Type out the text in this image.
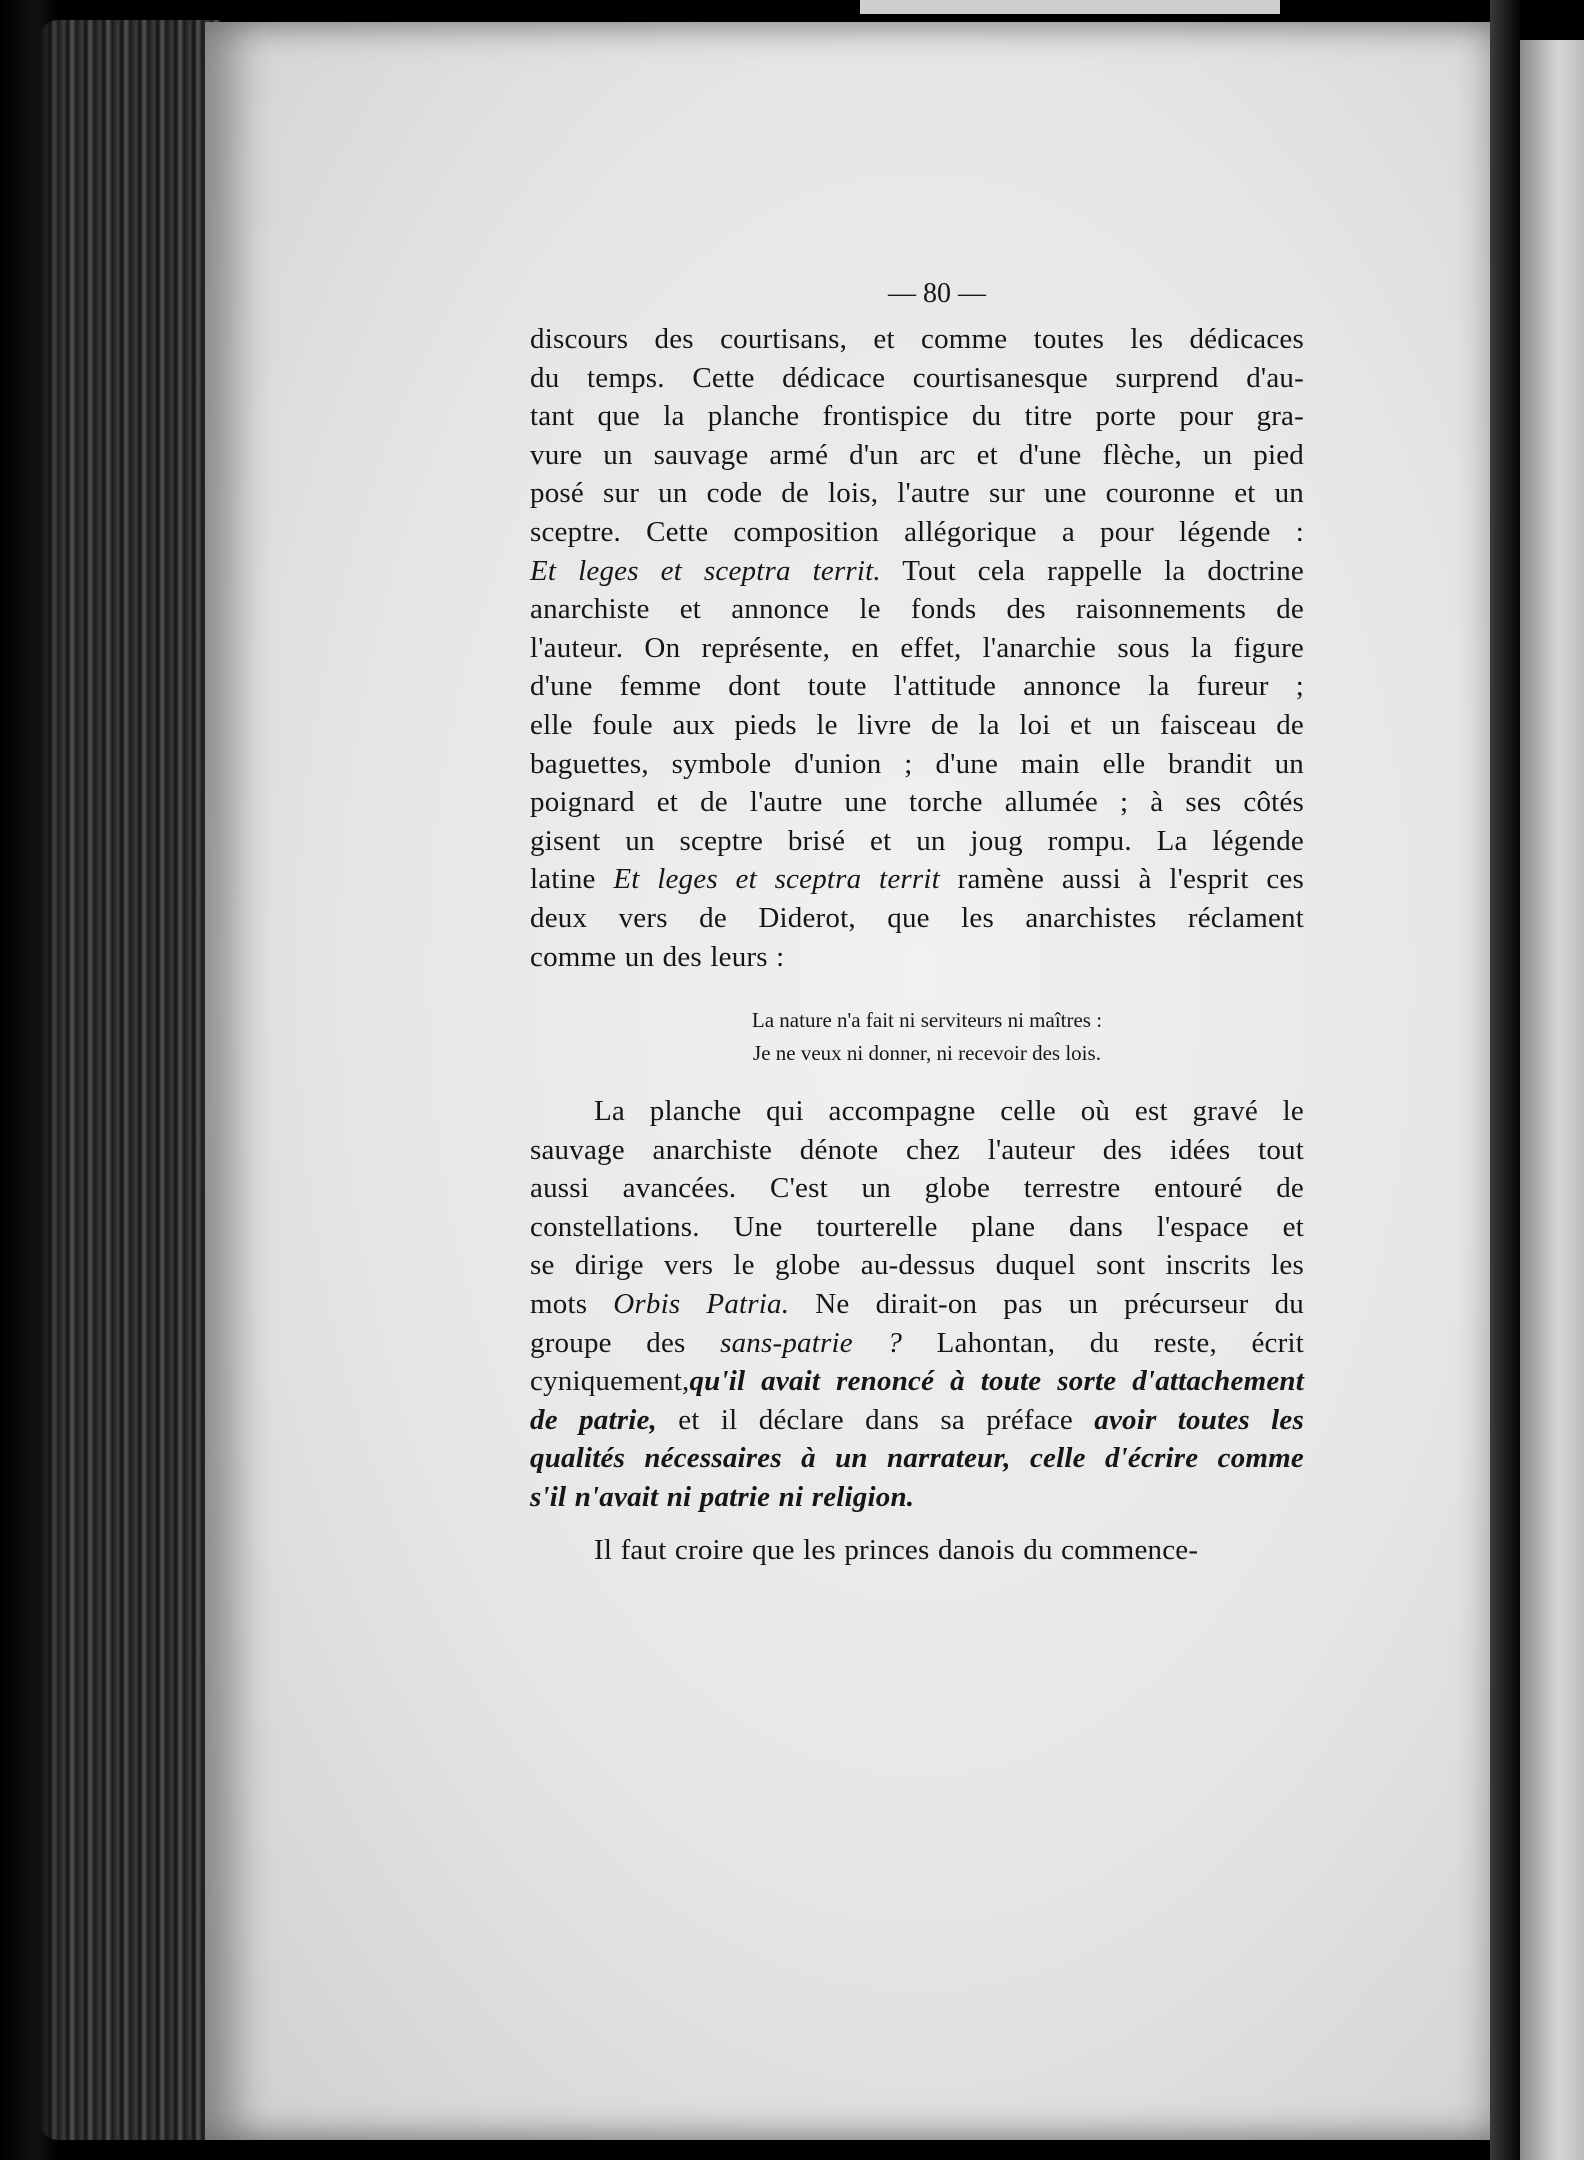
— 80 —

discours des courtisans, et comme toutes les dédicaces
du temps. Cette dédicace courtisanesque surprend d'au-
tant que la planche frontispice du titre porte pour gra-
vure un sauvage armé d'un arc et d'une flèche, un pied
posé sur un code de lois, l'autre sur une couronne et un
sceptre. Cette composition allégorique a pour légende :
Et leges et sceptra territ. Tout cela rappelle la doctrine
anarchiste et annonce le fonds des raisonnements de
l'auteur. On représente, en effet, l'anarchie sous la figure
d'une femme dont toute l'attitude annonce la fureur ;
elle foule aux pieds le livre de la loi et un faisceau de
baguettes, symbole d'union ; d'une main elle brandit un
poignard et de l'autre une torche allumée ; à ses côtés
gisent un sceptre brisé et un joug rompu. La légende
latine Et leges et sceptra territ ramène aussi à l'esprit ces
deux vers de Diderot, que les anarchistes réclament
comme un des leurs :

La nature n'a fait ni serviteurs ni maîtres :
Je ne veux ni donner, ni recevoir des lois.

La planche qui accompagne celle où est gravé le
sauvage anarchiste dénote chez l'auteur des idées tout
aussi avancées. C'est un globe terrestre entouré de
constellations. Une tourterelle plane dans l'espace et
se dirige vers le globe au-dessus duquel sont inscrits les
mots Orbis Patria. Ne dirait-on pas un précurseur du
groupe des sans-patrie ? Lahontan, du reste, écrit
cyniquement,qu'il avait renoncé à toute sorte d'attachement
de patrie, et il déclare dans sa préface avoir toutes les
qualités nécessaires à un narrateur, celle d'écrire comme
s'il n'avait ni patrie ni religion.

Il faut croire que les princes danois du commence-
